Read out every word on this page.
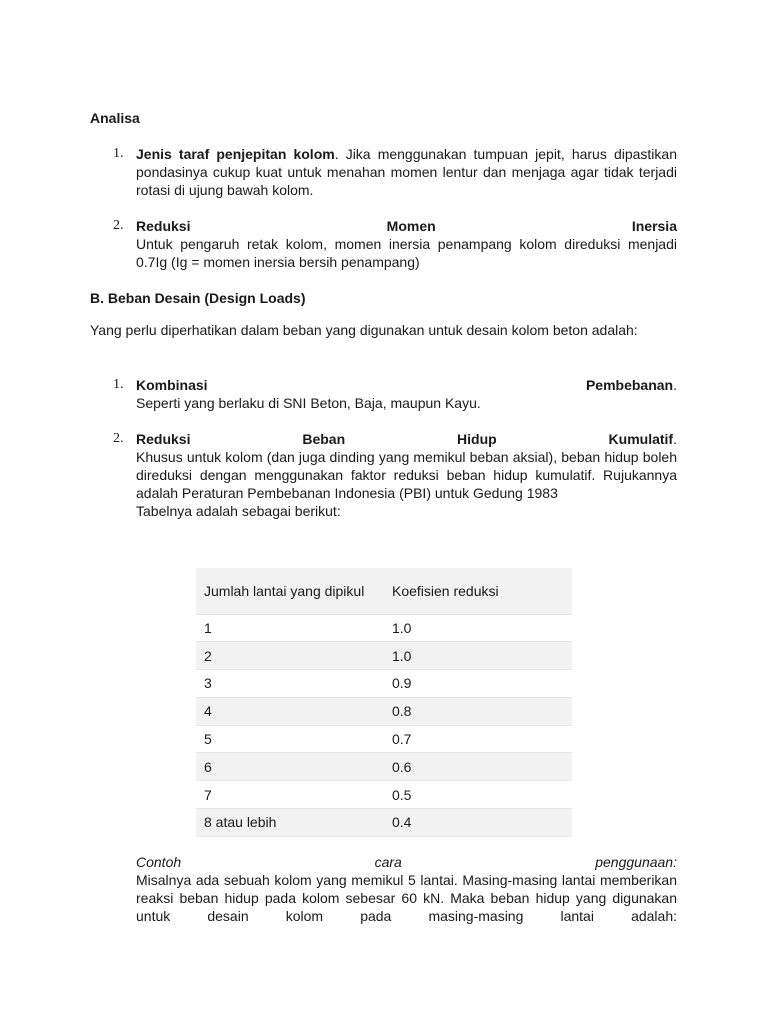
Analisa
1. Jenis taraf penjepitan kolom. Jika menggunakan tumpuan jepit, harus dipastikan pondasinya cukup kuat untuk menahan momen lentur dan menjaga agar tidak terjadi rotasi di ujung bawah kolom.
2. Reduksi	Momen	Inersia
Untuk pengaruh retak kolom, momen inersia penampang kolom direduksi menjadi 0.7Ig (Ig = momen inersia bersih penampang)
B. Beban Desain (Design Loads)
Yang perlu diperhatikan dalam beban yang digunakan untuk desain kolom beton adalah:
1. Kombinasi	Pembebanan.
Seperti yang berlaku di SNI Beton, Baja, maupun Kayu.
2. Reduksi	Beban	Hidup	Kumulatif.
Khusus untuk kolom (dan juga dinding yang memikul beban aksial), beban hidup boleh direduksi dengan menggunakan faktor reduksi beban hidup kumulatif. Rujukannya adalah Peraturan Pembebanan Indonesia (PBI) untuk Gedung 1983
Tabelnya adalah sebagai berikut:
Jumlah lantai yang dipikul	Koefisien reduksi
1	1.0
2	1.0
3	0.9
4	0.8
5	0.7
6	0.6
7	0.5
8 atau lebih	0.4
Contoh	cara	penggunaan:
Misalnya ada sebuah kolom yang memikul 5 lantai. Masing-masing lantai memberikan reaksi beban hidup pada kolom sebesar 60 kN. Maka beban hidup yang digunakan untuk desain kolom pada masing-masing lantai adalah:
